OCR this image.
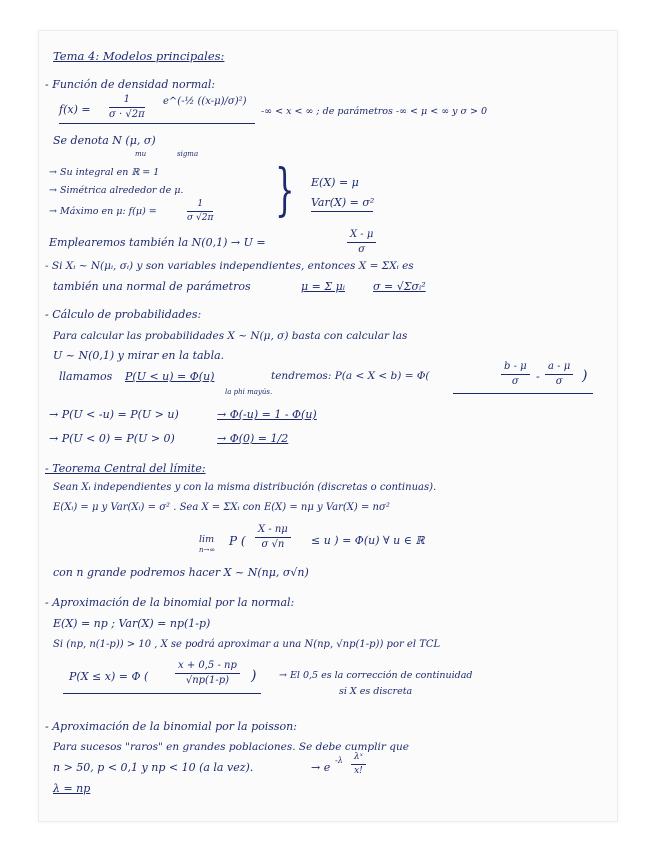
Tema 4: Modelos principales:
- Función de densidad normal:
$f(x) = \frac{1}{\sigma \cdot √2\pi}$ e^(-½ ((x-μ)/σ)²)
-∞ < x < ∞ ; de parámetros -∞ < μ < ∞ y σ > 0
Se denota N (μ, σ)
mu	sigma
→ Su integral en ℝ = 1
→ Simétrica alrededor de μ.
→ Máximo en μ: f(μ) =	$\frac{1}{\sigma √2\pi}$ } E(X) = μ
Var(X) = σ²
Emplearemos también la N(0,1) → U =	$\frac{X - \mu}{\sigma}$
- Si Xᵢ ~ N(μᵢ, σᵢ) y son variables independientes, entonces X = ΣXᵢ es
también una normal de parámetros	μ = Σ μᵢ	σ = √Σσᵢ²
- Cálculo de probabilidades:
Para calcular las probabilidades X ~ N(μ, σ) basta con calcular las
U ~ N(0,1) y mirar en la tabla.
llamamos P(U < u) = Φ(u)
la phi mayús.
tendremos: P(a < X < b) = Φ(	$\frac{b - \mu}{\sigma} - \frac{a - \mu}{\sigma}$ )
→ P(U < -u) = P(U > u)	→ Φ(-u) = 1 - Φ(u)
→ P(U < 0) = P(U > 0)	→ Φ(0) = 1/2
- Teorema Central del límite:
Sean Xᵢ independientes y con la misma distribución (discretas o continuas).
E(Xᵢ) = μ y Var(Xᵢ) = σ² . Sea X = ΣXᵢ con E(X) = nμ y Var(X) = nσ²
lim
n→∞
P ( $\frac{X - n\mu}{\sigma √n} \le u$ ) = Φ(u) ∀ u ∈ ℝ
con n grande podremos hacer X ~ N(nμ, σ√n)
- Aproximación de la binomial por la normal:
E(X) = np ; Var(X) = np(1-p)
Si (np, n(1-p)) > 10 , X se podrá aproximar a una N(np, √np(1-p)) por el TCL
P(X ≤ x) = Φ (	$\frac{x + 0,5 - np}{√np(1-p)}$ ) → El 0,5 es la corrección de continuidad
si X es discreta
- Aproximación de la binomial por la poisson:
Para sucesos "raros" en grandes poblaciones. Se debe cumplir que
n > 50, p < 0,1 y np < 10 (a la vez).	→ e
$-\lambda \frac{\text{λˣ}}{x!}$
λ = np
